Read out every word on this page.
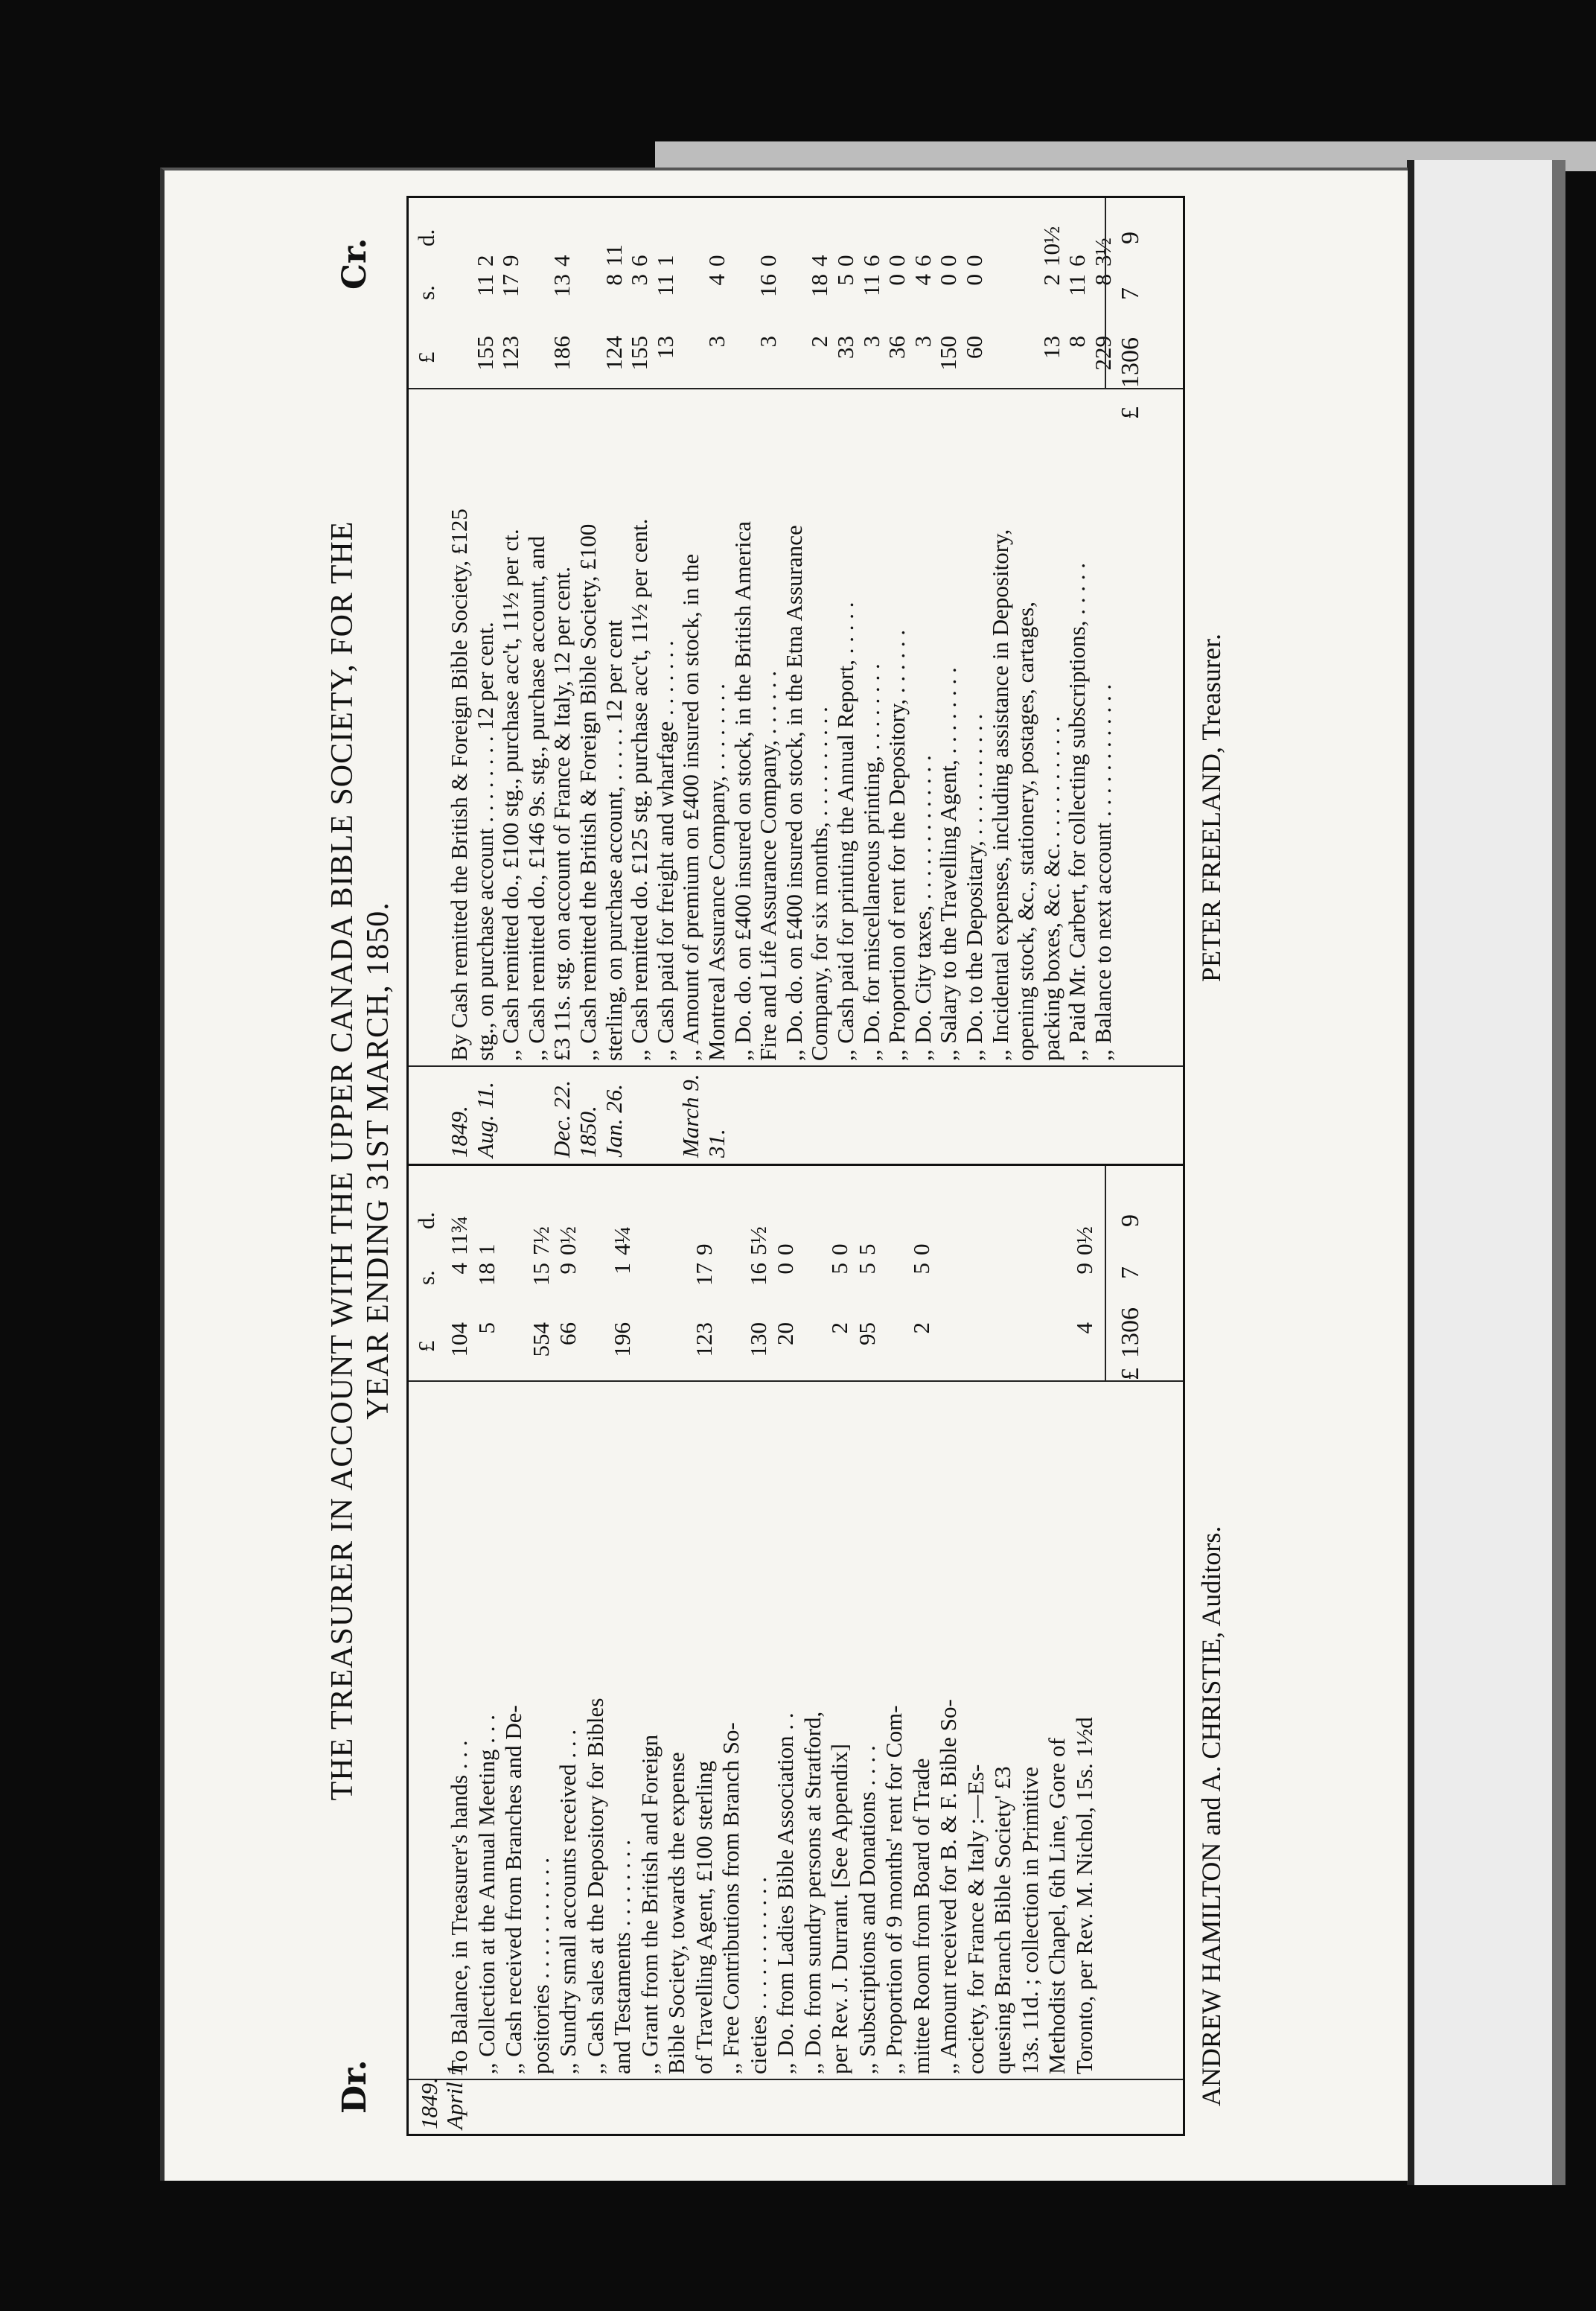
Dr.
Cr.
THE TREASURER IN ACCOUNT WITH THE UPPER CANADA BIBLE SOCIETY, FOR THE YEAR ENDING 31ST MARCH, 1850.
1849. April 1
£
s.
d.
To Balance, in Treasurer's hands . . .
104
4
11¾
,, Collection at the Annual Meeting . . .
5
18
1
,, Cash received from Branches and De- positories . . . . . . . . . . .
554
15
7½
,, Sundry small accounts received . . .
66
9
0½
,, Cash sales at the Depository for Bibles and Testaments . . . . . . . .
196
1
4¼
,, Grant from the British and Foreign Bible Society, towards the expense of Travelling Agent, £100 sterling
123
17
9
,, Free Contributions from Branch So- cieties . . . . . . . . . . . .
130
16
5½
,, Do. from Ladies Bible Association . .
20
0
0
,, Do. from sundry persons at Stratford, per Rev. J. Durrant. [See Appendix]
2
5
0
,, Subscriptions and Donations . . . .
95
5
5
,, Proportion of 9 months' rent for Com- mittee Room from Board of Trade
2
5
0
,, Amount received for B. & F. Bible So- cociety, for France & Italy :—Es- quesing Branch Bible Society' £3 13s. 11d. ; collection in Primitive Methodist Chapel, 6th Line, Gore of Toronto, per Rev. M. Nichol, 15s. 1½d
4
9
0½
£
1306
7
9
1849. Aug. 11. Dec. 22. 1850. Jan. 26. March 9. 31.
£
s.
d.
By Cash remitted the British & Foreign Bible Society, £125 stg., on purchase account . . . . . . . . 12 per cent.
155
11
2
,, Cash remitted do., £100 stg., purchase acc't, 11½ per ct.
123
17
9
,, Cash remitted do., £146 9s. stg., purchase account, and £3 11s. stg. on account of France & Italy, 12 per cent.
186
13
4
,, Cash remitted the British & Foreign Bible Society, £100 sterling, on purchase account, . . . . . 12 per cent
124
8
11
,, Cash remitted do. £125 stg. purchase acc't, 11½ per cent.
155
3
6
,, Cash paid for freight and wharfage . . . . . . .
13
11
1
,, Amount of premium on £400 insured on stock, in the Montreal Assurance Company, . . . . . . . .
3
4
0
,, Do. do. on £400 insured on stock, in the British America Fire and Life Assurance Company, . . . . . .
3
16
0
,, Do. do. on £400 insured on stock, in the Etna Assurance Company, for six months, . . . . . . . . . .
2
18
4
,, Cash paid for printing the Annual Report, . . . . .
33
5
0
,, Do. for miscellaneous printing, . . . . . . . .
3
11
6
,, Proportion of rent for the Depository, . . . . . .
36
0
0
,, Do. City taxes, . . . . . . . . . . . . .
3
4
6
,, Salary to the Travelling Agent, . . . . . . . .
150
0
0
,, Do. to the Depositary, . . . . . . . . . . .
60
0
0
,, Incidental expenses, including assistance in Depository, opening stock, &c., stationery, postages, cartages, packing boxes, &c. &c. . . . . . . . . . . .
13
2
10½
,, Paid Mr. Carbert, for collecting subscriptions, . . . . .
8
11
6
,, Balance to next account . . . . . . . . . . . .
229
8
3½
£
1306
7
9
ANDREW HAMILTON and A. CHRISTIE, Auditors.
PETER FREELAND, Treasurer.
